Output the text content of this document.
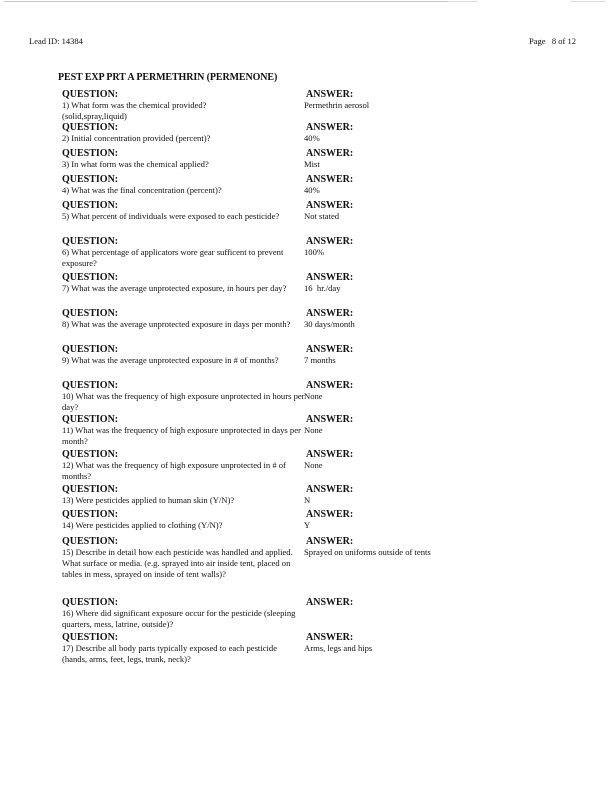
Lead ID: 14384	Page   8 of 12
PEST EXP PRT A PERMETHRIN (PERMENONE)
QUESTION:	ANSWER:
1) What form was the chemical provided?(solid,spray,liquid)
Permethrin aerosol
QUESTION:	ANSWER:
2) Initial concentration provided (percent)?	40%
QUESTION:	ANSWER:
3) In what form was the chemical applied?	Mist
QUESTION:	ANSWER:
4) What was the final concentration (percent)?	40%
QUESTION:	ANSWER:
5) What percent of individuals were exposed to each pesticide?	Not stated
QUESTION:	ANSWER:
6) What percentage of applicators wore gear sufficent to prevent exposure?
100%
QUESTION:	ANSWER:
7) What was the average unprotected exposure, in hours per day?	16  hr./day
QUESTION:	ANSWER:
8) What was the average unprotected exposure in days per month?	30 days/month
QUESTION:	ANSWER:
9) What was the average unprotected exposure in # of months?	7 months
QUESTION:	ANSWER:
10) What was the frequency of high exposure unprotected in hours per day?
None
QUESTION:	ANSWER:
11) What was the frequency of high exposure unprotected in days per month?
None
QUESTION:	ANSWER:
12) What was the frequency of high exposure unprotected in # of months?
None
QUESTION:	ANSWER:
13) Were pesticides applied to human skin (Y/N)?	N
QUESTION:	ANSWER:
14) Were pesticides applied to clothing (Y/N)?	Y
QUESTION:	ANSWER:
15) Describe in detail how each pesticide was handled and applied. What surface or media. (e.g. sprayed into air inside tent, placed on tables in mess, sprayed on inside of tent walls)?
Sprayed on uniforms outside of tents
QUESTION:	ANSWER:
16) Where did significant exposure occur for the pesticide (sleeping quarters, mess, latrine, outside)?
QUESTION:	ANSWER:
17) Describe all body parts typically exposed to each pesticide (hands, arms, feet, legs, trunk, neck)?
Arms, legs and hips
